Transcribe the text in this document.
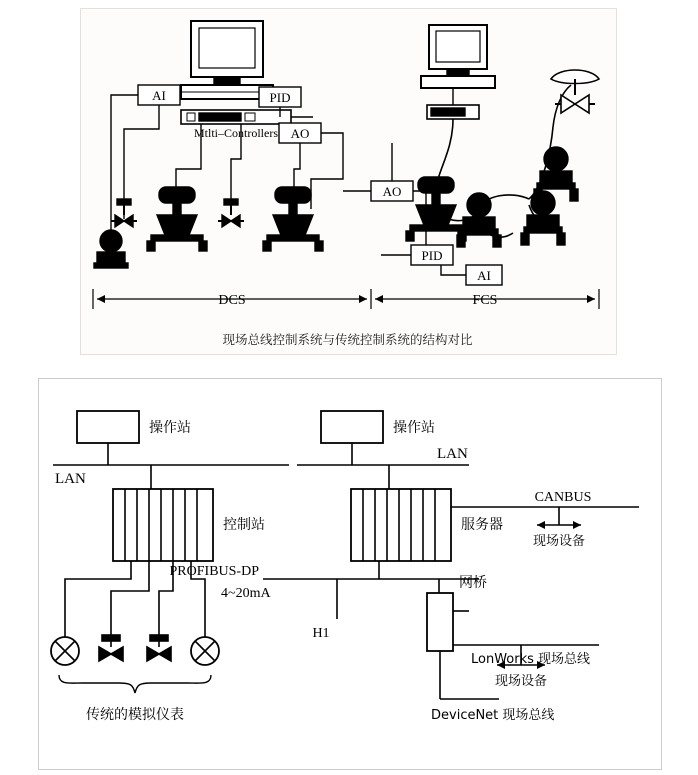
AI	PID
Mtlti–Controllers AO
AO
PID
AI
DCS	FCS
现场总线控制系统与传统控制系统的结构对比
操作站
LAN
控制站
4~20mA
传统的模拟仪表
操作站
LAN
服务器
CANBUS
现场设备
PROFIBUS-DP
H1
网桥
LonWorks 现场总线
现场设备
DeviceNet 现场总线
